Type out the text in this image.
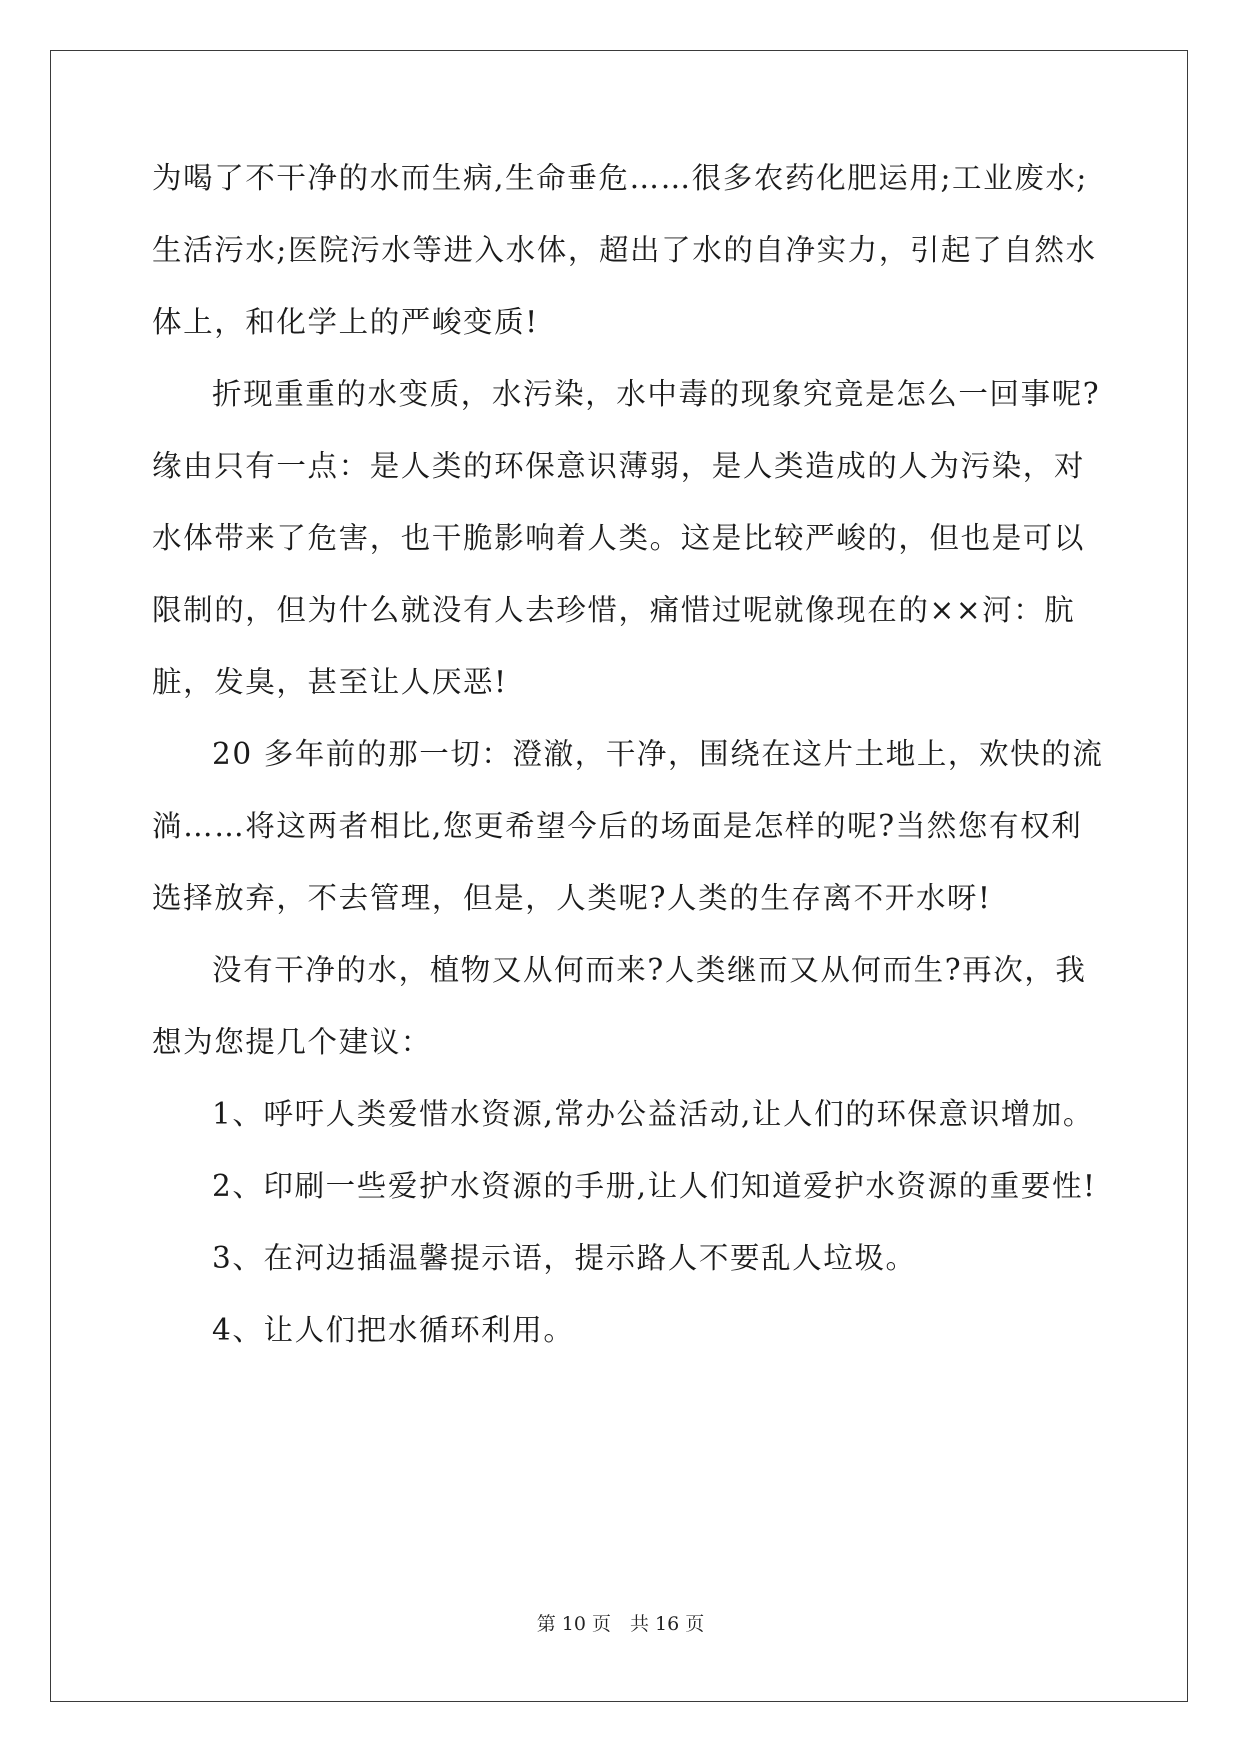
为喝了不干净的水而生病,生命垂危……很多农药化肥运用;工业废水;
生活污水;医院污水等进入水体，超出了水的自净实力，引起了自然水
体上，和化学上的严峻变质!
折现重重的水变质，水污染，水中毒的现象究竟是怎么一回事呢?
缘由只有一点：是人类的环保意识薄弱，是人类造成的人为污染，对
水体带来了危害，也干脆影响着人类。这是比较严峻的，但也是可以
限制的，但为什么就没有人去珍惜，痛惜过呢就像现在的××河：肮
脏，发臭，甚至让人厌恶!
20 多年前的那一切：澄澈，干净，围绕在这片土地上，欢快的流
淌……将这两者相比,您更希望今后的场面是怎样的呢?当然您有权利
选择放弃，不去管理，但是，人类呢?人类的生存离不开水呀!
没有干净的水，植物又从何而来?人类继而又从何而生?再次，我
想为您提几个建议：
1、呼吁人类爱惜水资源,常办公益活动,让人们的环保意识增加。
2、印刷一些爱护水资源的手册,让人们知道爱护水资源的重要性!
3、在河边插温馨提示语，提示路人不要乱人垃圾。
4、让人们把水循环利用。
第 10 页　共 16 页
